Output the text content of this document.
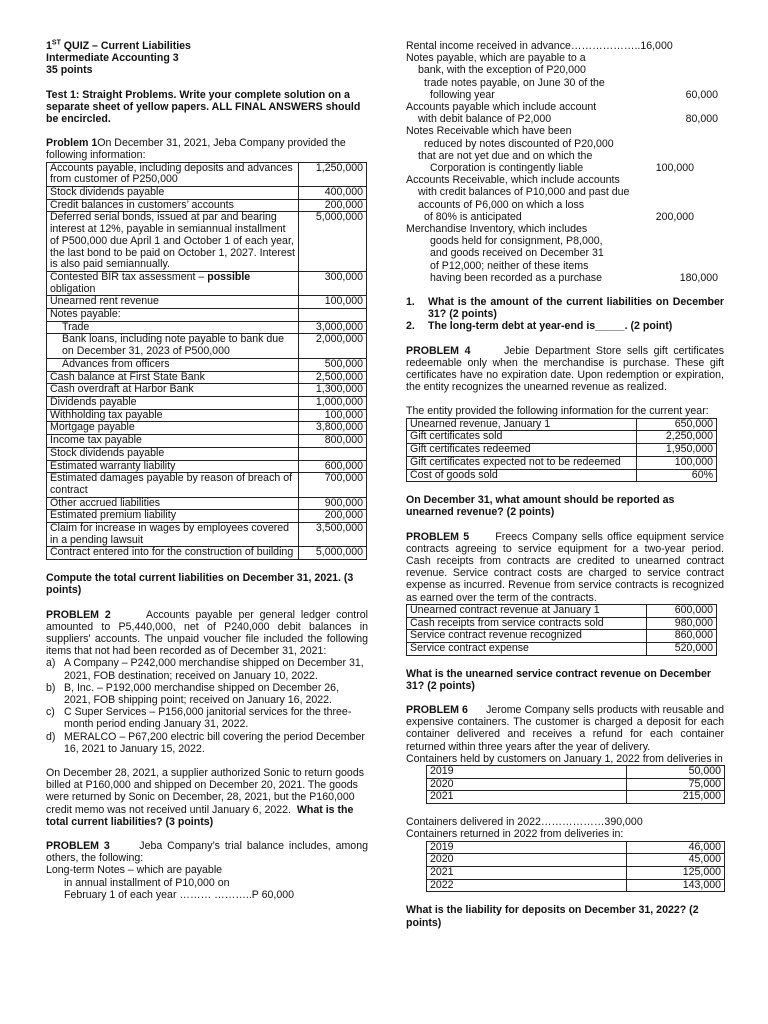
1ST QUIZ – Current Liabilities

Intermediate Accounting 3

35 points

Test 1: Straight Problems. Write your complete solution on a separate sheet of yellow papers. ALL FINAL ANSWERS should be encircled.

Problem 1On December 31, 2021, Jeba Company provided the following information:

Accounts payable, including deposits and advances from customer of P250,000	1,250,000
Stock dividends payable	400,000
Credit balances in customers’ accounts	200,000
Deferred serial bonds, issued at par and bearing interest at 12%, payable in semiannual installment of P500,000 due April 1 and October 1 of each year, the last bond to be paid on October 1, 2027. Interest is also paid semiannually.	5,000,000
Contested BIR tax assessment – possible obligation	300,000
Unearned rent revenue	100,000
Notes payable:	
Trade	3,000,000
Bank loans, including note payable to bank due on December 31, 2023 of P500,000	2,000,000
Advances from officers	500,000
Cash balance at First State Bank	2,500,000
Cash overdraft at Harbor Bank	1,300,000
Dividends payable	1,000,000
Withholding tax payable	100,000
Mortgage payable	3,800,000
Income tax payable	800,000
Stock dividends payable	
Estimated warranty liability	600,000
Estimated damages payable by reason of breach of contract	700,000
Other accrued liabilities	900,000
Estimated premium liability	200,000
Claim for increase in wages by employees covered in a pending lawsuit	3,500,000
Contract entered into for the construction of building	5,000,000

Compute the total current liabilities on December 31, 2021. (3 points)

PROBLEM 2	Accounts payable per general ledger control amounted to P5,440,000, net of P240,000 debit balances in suppliers’ accounts. The unpaid voucher file included the following items that not had been recorded as of December 31, 2021:

a) A Company – P242,000 merchandise shipped on December 31, 2021, FOB destination; received on January 10, 2022.
b) B, Inc. – P192,000 merchandise shipped on December 26, 2021, FOB shipping point; received on January 16, 2022.
c) C Super Services – P156,000 janitorial services for the three-month period ending January 31, 2022.
d) MERALCO – P67,200 electric bill covering the period December 16, 2021 to January 15, 2022.

On December 28, 2021, a supplier authorized Sonic to return goods billed at P160,000 and shipped on December 20, 2021. The goods were returned by Sonic on December, 28, 2021, but the P160,000 credit memo was not received until January 6, 2022. What is the total current liabilities? (3 points)

PROBLEM 3	Jeba Company’s trial balance includes, among others, the following:

Long-term Notes – which are payable

in annual installment of P10,000 on

February 1 of each year ……… ………..P 60,000

Rental income received in advance………………..16,000

Notes payable, which are payable to a

bank, with the exception of P20,000

trade notes payable, on June 30 of the

following year	60,000

Accounts payable which include account

with debit balance of P2,000	80,000

Notes Receivable which have been

reduced by notes discounted of P20,000

that are not yet due and on which the

Corporation is contingently liable	100,000

Accounts Receivable, which include accounts

with credit balances of P10,000 and past due

accounts of P6,000 on which a loss

of 80% is anticipated	200,000

Merchandise Inventory, which includes

goods held for consignment, P8,000,

and goods received on December 31

of P12,000; neither of these items

having been recorded as a purchase	180,000
1.	What is the amount of the current liabilities on December 31? (2 points)
2.	The long-term debt at year-end is_____. (2 point)

PROBLEM 4	Jebie Department Store sells gift certificates redeemable only when the merchandise is purchase. These gift certificates have no expiration date. Upon redemption or expiration, the entity recognizes the unearned revenue as realized.

The entity provided the following information for the current year:

Unearned revenue, January 1	650,000
Gift certificates sold	2,250,000
Gift certificates redeemed	1,950,000
Gift certificates expected not to be redeemed	100,000
Cost of goods sold	60%

On December 31, what amount should be reported as unearned revenue? (2 points)

PROBLEM 5 Freecs Company sells office equipment service contracts agreeing to service equipment for a two-year period. Cash receipts from contracts are credited to unearned contract revenue. Service contract costs are charged to service contract expense as incurred. Revenue from service contracts is recognized as earned over the term of the contracts.

Unearned contract revenue at January 1	600,000
Cash receipts from service contracts sold	980,000
Service contract revenue recognized	860,000
Service contract expense	520,000

What is the unearned service contract revenue on December 31? (2 points)

PROBLEM 6 Jerome Company sells products with reusable and expensive containers. The customer is charged a deposit for each container delivered and receives a refund for each container returned within three years after the year of delivery.

Containers held by customers on January 1, 2022 from deliveries in

2019	50,000
2020	75,000
2021	215,000

Containers delivered in 2022………………390,000

Containers returned in 2022 from deliveries in:

2019	46,000
2020	45,000
2021	125,000
2022	143,000

What is the liability for deposits on December 31, 2022? (2 points)
